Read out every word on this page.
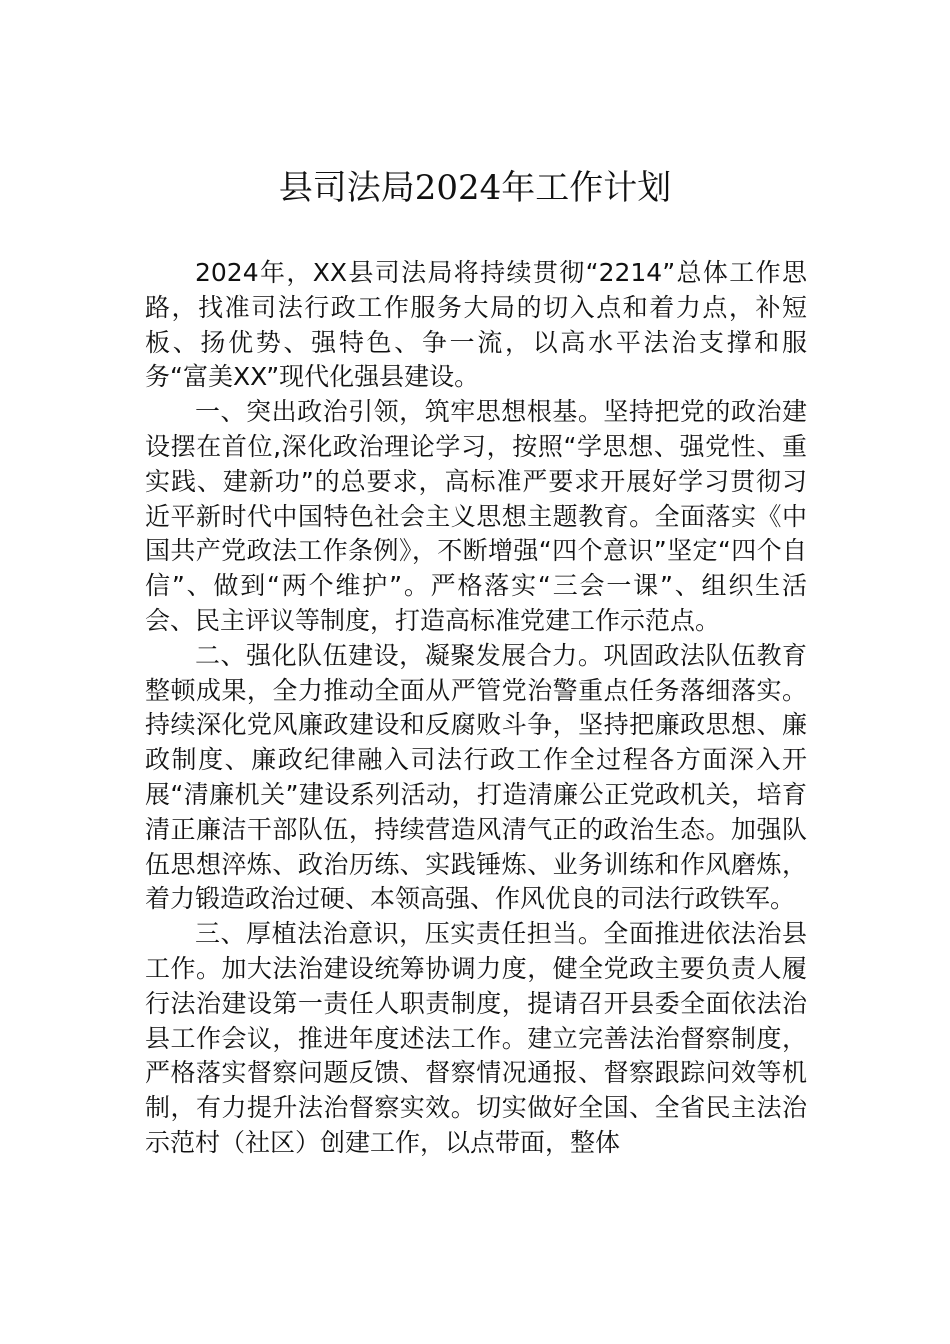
县司法局2024年工作计划

2024年，XX县司法局将持续贯彻“2214”总体工作思路，找准司法行政工作服务大局的切入点和着力点，补短板、扬优势、强特色、争一流，以高水平法治支撑和服务“富美XX”现代化强县建设。

一、突出政治引领，筑牢思想根基。坚持把党的政治建设摆在首位,深化政治理论学习，按照“学思想、强党性、重实践、建新功”的总要求，高标准严要求开展好学习贯彻习近平新时代中国特色社会主义思想主题教育。全面落实《中国共产党政法工作条例》，不断增强“四个意识”坚定“四个自信”、做到“两个维护”。严格落实“三会一课”、组织生活会、民主评议等制度，打造高标准党建工作示范点。

二、强化队伍建设，凝聚发展合力。巩固政法队伍教育整顿成果，全力推动全面从严管党治警重点任务落细落实。持续深化党风廉政建设和反腐败斗争，坚持把廉政思想、廉政制度、廉政纪律融入司法行政工作全过程各方面深入开展“清廉机关”建设系列活动，打造清廉公正党政机关，培育清正廉洁干部队伍，持续营造风清气正的政治生态。加强队伍思想淬炼、政治历练、实践锤炼、业务训练和作风磨炼，着力锻造政治过硬、本领高强、作风优良的司法行政铁军。

三、厚植法治意识，压实责任担当。全面推进依法治县工作。加大法治建设统筹协调力度，健全党政主要负责人履行法治建设第一责任人职责制度，提请召开县委全面依法治县工作会议，推进年度述法工作。建立完善法治督察制度，严格落实督察问题反馈、督察情况通报、督察跟踪问效等机制，有力提升法治督察实效。切实做好全国、全省民主法治示范村（社区）创建工作，以点带面，整体
